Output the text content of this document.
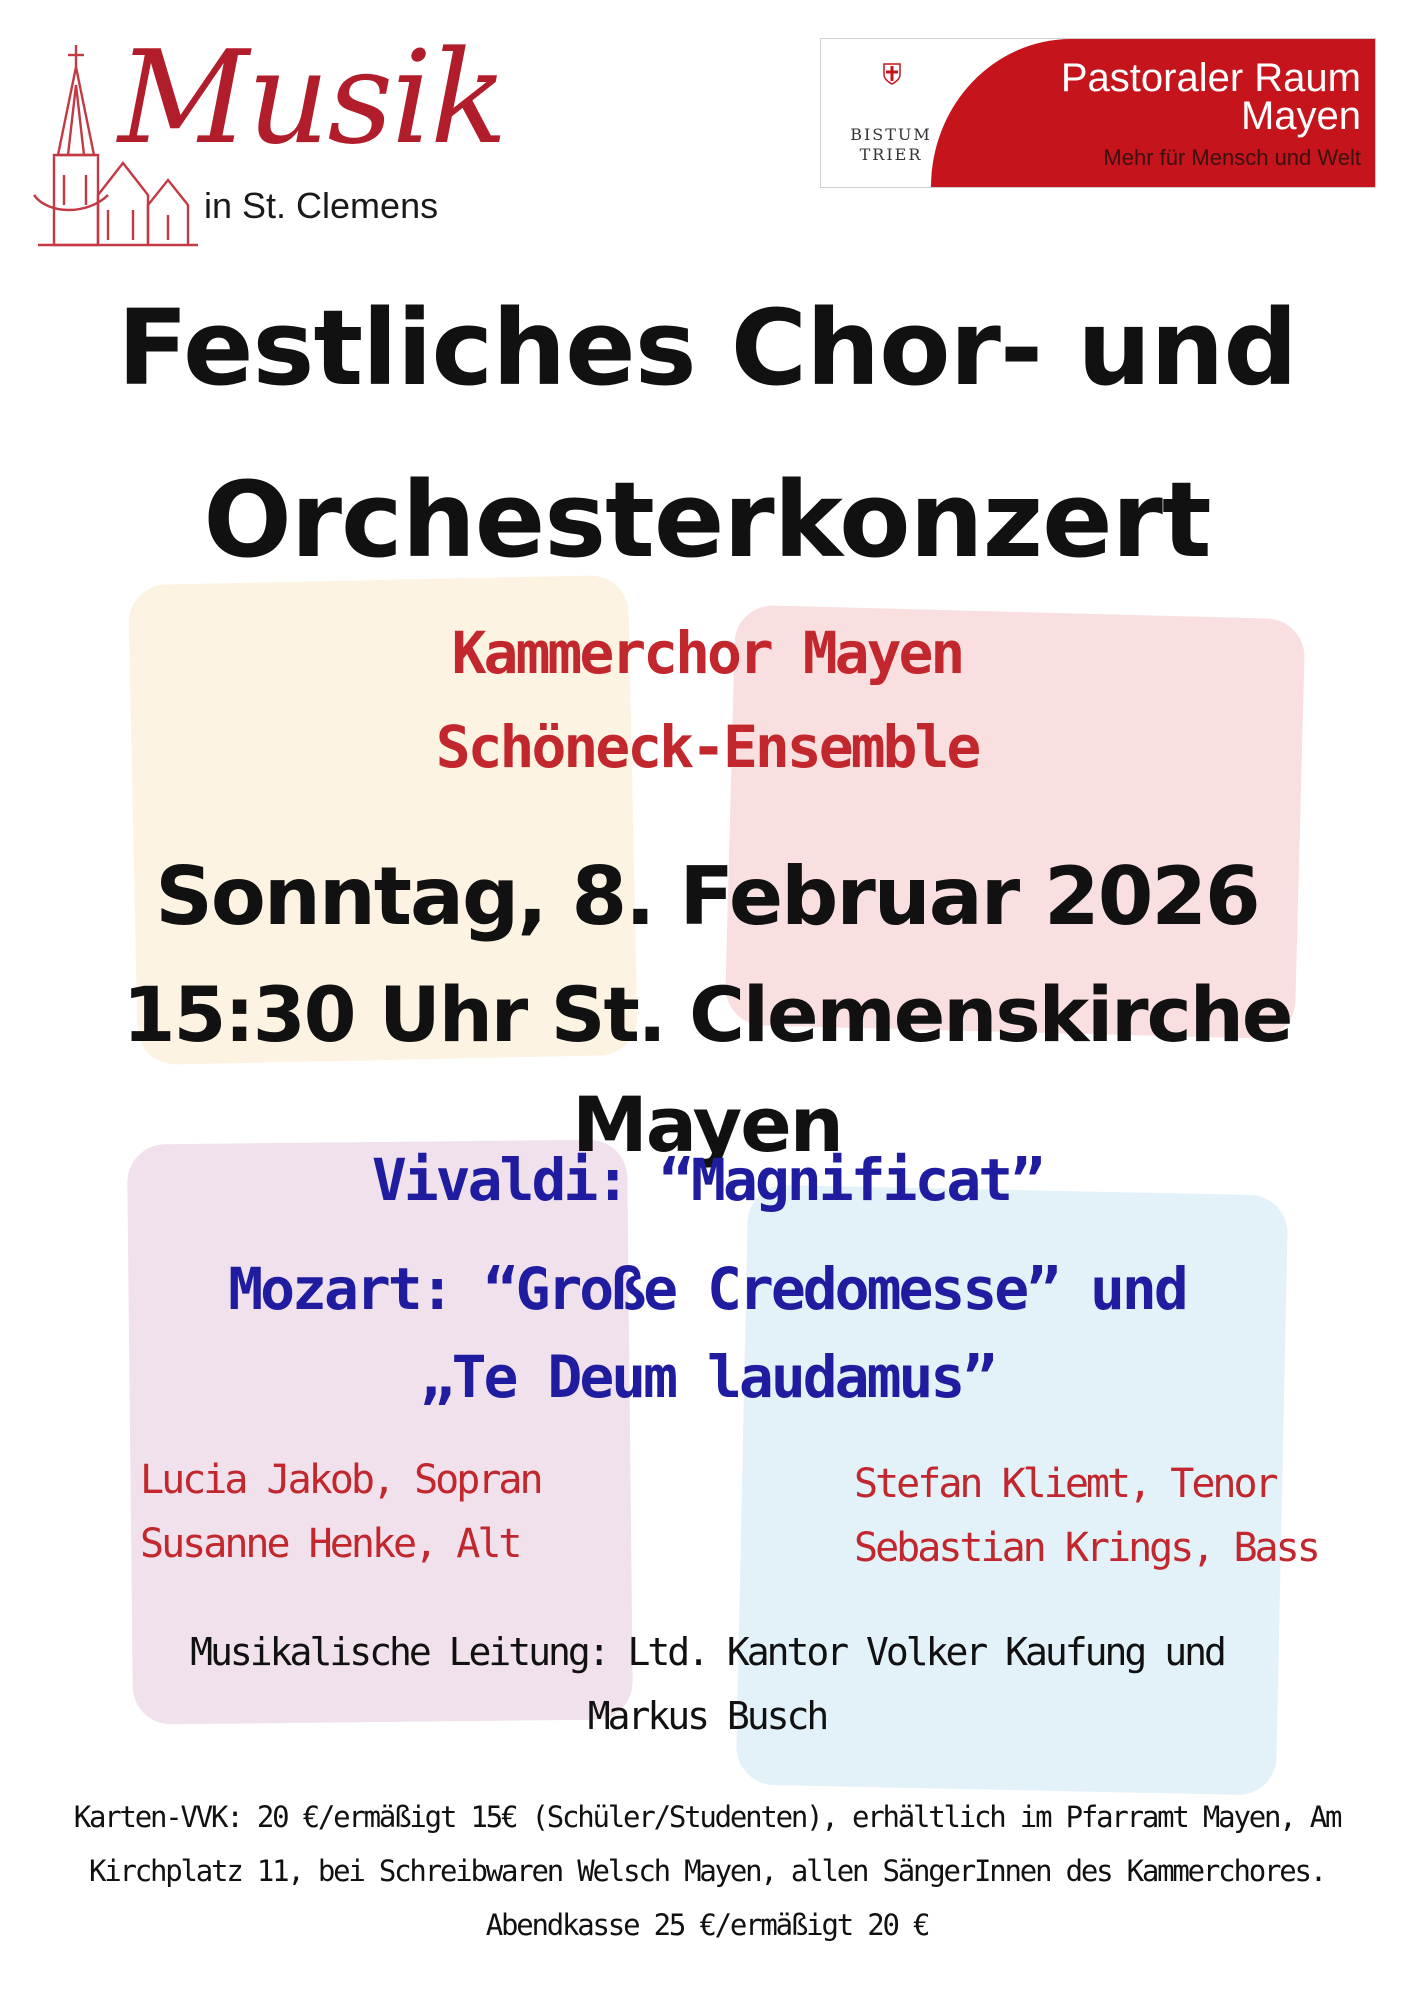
Musik
in St. Clemens
BISTUM
TRIER
Pastoraler Raum
Mayen
Mehr für Mensch und Welt
Festliches Chor- und
Orchesterkonzert
Kammerchor Mayen
Schöneck-Ensemble
Sonntag, 8. Februar 2026
15:30 Uhr St. Clemenskirche Mayen
Vivaldi: “Magnificat”
Mozart: “Große Credomesse” und
„Te Deum laudamus”
Lucia Jakob, Sopran
Susanne Henke, Alt
Stefan Kliemt, Tenor
Sebastian Krings, Bass
Musikalische Leitung: Ltd. Kantor Volker Kaufung und
Markus Busch
Karten-VVK: 20 €/ermäßigt 15€ (Schüler/Studenten), erhältlich im Pfarramt Mayen, Am
Kirchplatz 11, bei Schreibwaren Welsch Mayen, allen SängerInnen des Kammerchores.
Abendkasse 25 €/ermäßigt 20 €
